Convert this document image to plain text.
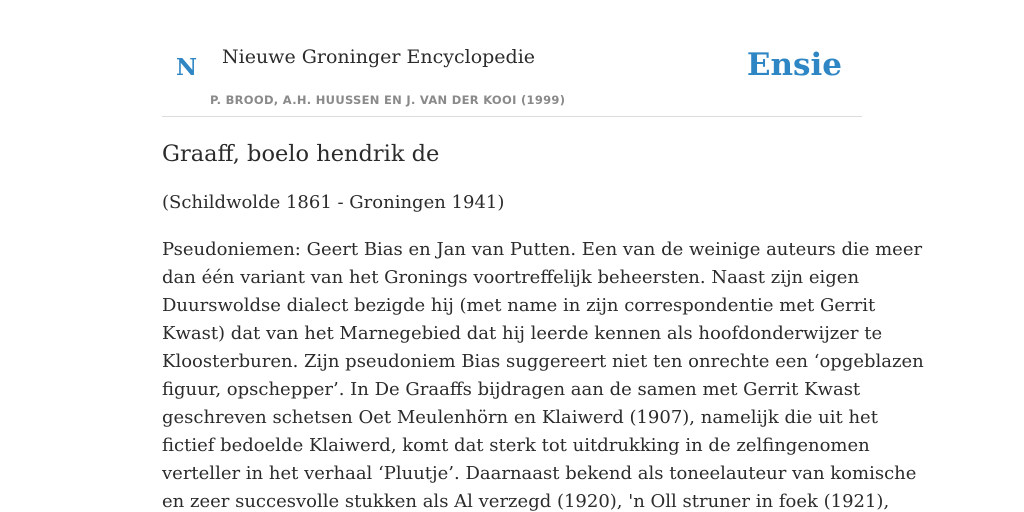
N Nieuwe Groninger Encyclopedie
P. BROOD, A.H. HUUSSEN EN J. VAN DER KOOI (1999)
Ensie
Graaff, boelo hendrik de

(Schildwolde 1861 - Groningen 1941)

Pseudoniemen: Geert Bias en Jan van Putten. Een van de weinige auteurs die meer
dan één variant van het Gronings voortreffelijk beheersten. Naast zijn eigen
Duurswoldse dialect bezigde hij (met name in zijn correspondentie met Gerrit
Kwast) dat van het Marnegebied dat hij leerde kennen als hoofdonderwijzer te
Kloosterburen. Zijn pseudoniem Bias suggereert niet ten onrechte een ‘opgeblazen
figuur, opschepper’. In De Graaffs bijdragen aan de samen met Gerrit Kwast
geschreven schetsen Oet Meulenhörn en Klaiwerd (1907), namelijk die uit het
fictief bedoelde Klaiwerd, komt dat sterk tot uitdrukking in de zelfingenomen
verteller in het verhaal ‘Pluutje’. Daarnaast bekend als toneelauteur van komische
en zeer succesvolle stukken als Al verzegd (1920), 'n Oll struner in foek (1921),
